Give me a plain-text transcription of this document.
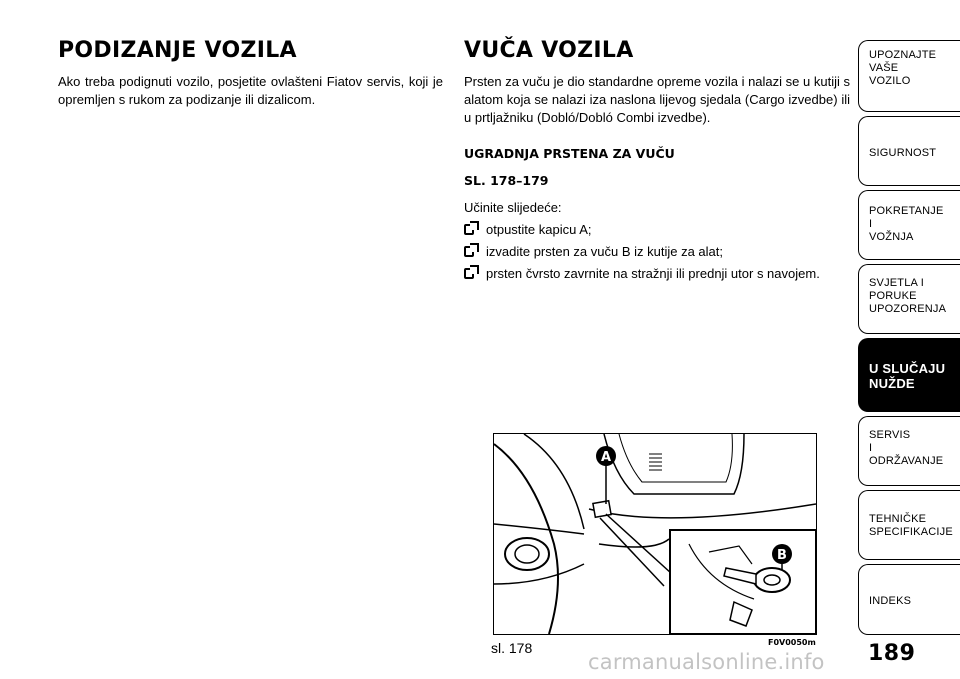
PODIZANJE VOZILA

Ako treba podignuti vozilo, posjetite ovlašteni Fiatov servis, koji je opremljen s rukom za podizanje ili dizalicom.

VUČA VOZILA

Prsten za vuču je dio standardne opreme vozila i nalazi se u kutiji s alatom koja se nalazi iza naslona lijevog sjedala (Cargo izvedbe) ili u prtljažniku (Dobló/Dobló Combi izvedbe).

UGRADNJA PRSTENA ZA VUČU

SL. 178–179

Učinite slijedeće:

otpustite kapicu A;
izvadite prsten za vuču B iz kutije za alat;
prsten čvrsto zavrnite na stražnji ili prednji utor s navojem.
A
B
sl. 178	F0V0050m
UPOZNAJTE
VAŠE
VOZILO
SIGURNOST
POKRETANJE
I
VOŽNJA
SVJETLA I
PORUKE
UPOZORENJA
U SLUČAJU
NUŽDE
SERVIS
I
ODRŽAVANJE
TEHNIČKE
SPECIFIKACIJE
INDEKS
189
carmanualsonline.info
